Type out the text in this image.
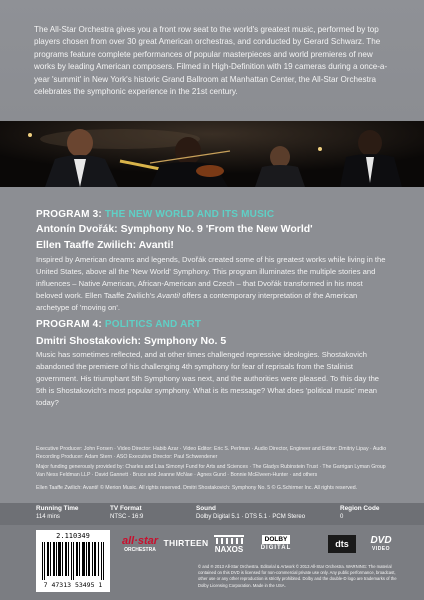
The All-Star Orchestra gives you a front row seat to the world's greatest music, performed by top players chosen from over 30 great American orchestras, and conducted by Gerard Schwarz. The programs feature complete performances of popular masterpieces and world premieres of new works by leading American composers. Filmed in High-Definition with 19 cameras during a once-a-year 'summit' in New York's historic Grand Ballroom at Manhattan Center, the All-Star Orchestra celebrates the symphonic experience in the 21st century.

PROGRAM 3: THE NEW WORLD AND ITS MUSIC
Antonín Dvořák: Symphony No. 9 'From the New World'
Ellen Taaffe Zwilich: Avanti!

Inspired by American dreams and legends, Dvořák created some of his greatest works while living in the United States, above all the 'New World' Symphony. This program illuminates the multiple stories and influences – Native American, African-American and Czech – that Dvořák transformed in his most beloved work. Ellen Taaffe Zwilich's Avanti! offers a contemporary interpretation of the American archetype of 'moving on'.

PROGRAM 4: POLITICS AND ART
Dmitri Shostakovich: Symphony No. 5

Music has sometimes reflected, and at other times challenged repressive ideologies. Shostakovich abandoned the premiere of his challenging 4th symphony for fear of reprisals from the Stalinist government. His triumphant 5th Symphony was next, and the authorities were pleased. To this day the 5th is Shostakovich's most popular symphony. What is its message? What does 'political music' mean today?

Executive Producer: John Forsen · Video Director: Habib Azar · Video Editor: Eric S. Perlman · Audio Director, Engineer and Editor: Dmitriy Lipay · Audio Recording Producer: Adam Stern · ASO Executive Director: Paul Schwendener

Major funding generously provided by: Charles and Lisa Simonyi Fund for Arts and Sciences · The Gladys Rubinstein Trust · The Garrigan Lyman Group Van Ness Feldman LLP · David Gannett · Bruce and Jeanne McNae · Agnes Gund · Bonnie McElveen-Hunter · and others

Ellen Taaffe Zwilich: Avanti! © Merion Music. All rights reserved. Dmitri Shostakovich: Symphony No. 5 © G.Schirmer Inc. All rights reserved.

Running Time
114 mins
TV Format
NTSC - 16:9
Sound
Dolby Digital 5.1 · DTS 5.1 · PCM Stereo
Region Code
0
2.110349
7 47313 53495 1
all·star
ORCHESTRA
THIRTEEN
NAXOS
DOLBY
DIGITAL	dts	DVD
VIDEO

© and ℗ 2013 All-Star Orchestra. Editorial & Artwork © 2013 All-Star Orchestra. WARNING: The material contained on this DVD is licensed for non-commercial private use only. Any public performance, broadcast, other use or any other reproduction is strictly prohibited. Dolby and the double-D logo are trademarks of the Dolby Licensing Corporation. Made in the USA.
